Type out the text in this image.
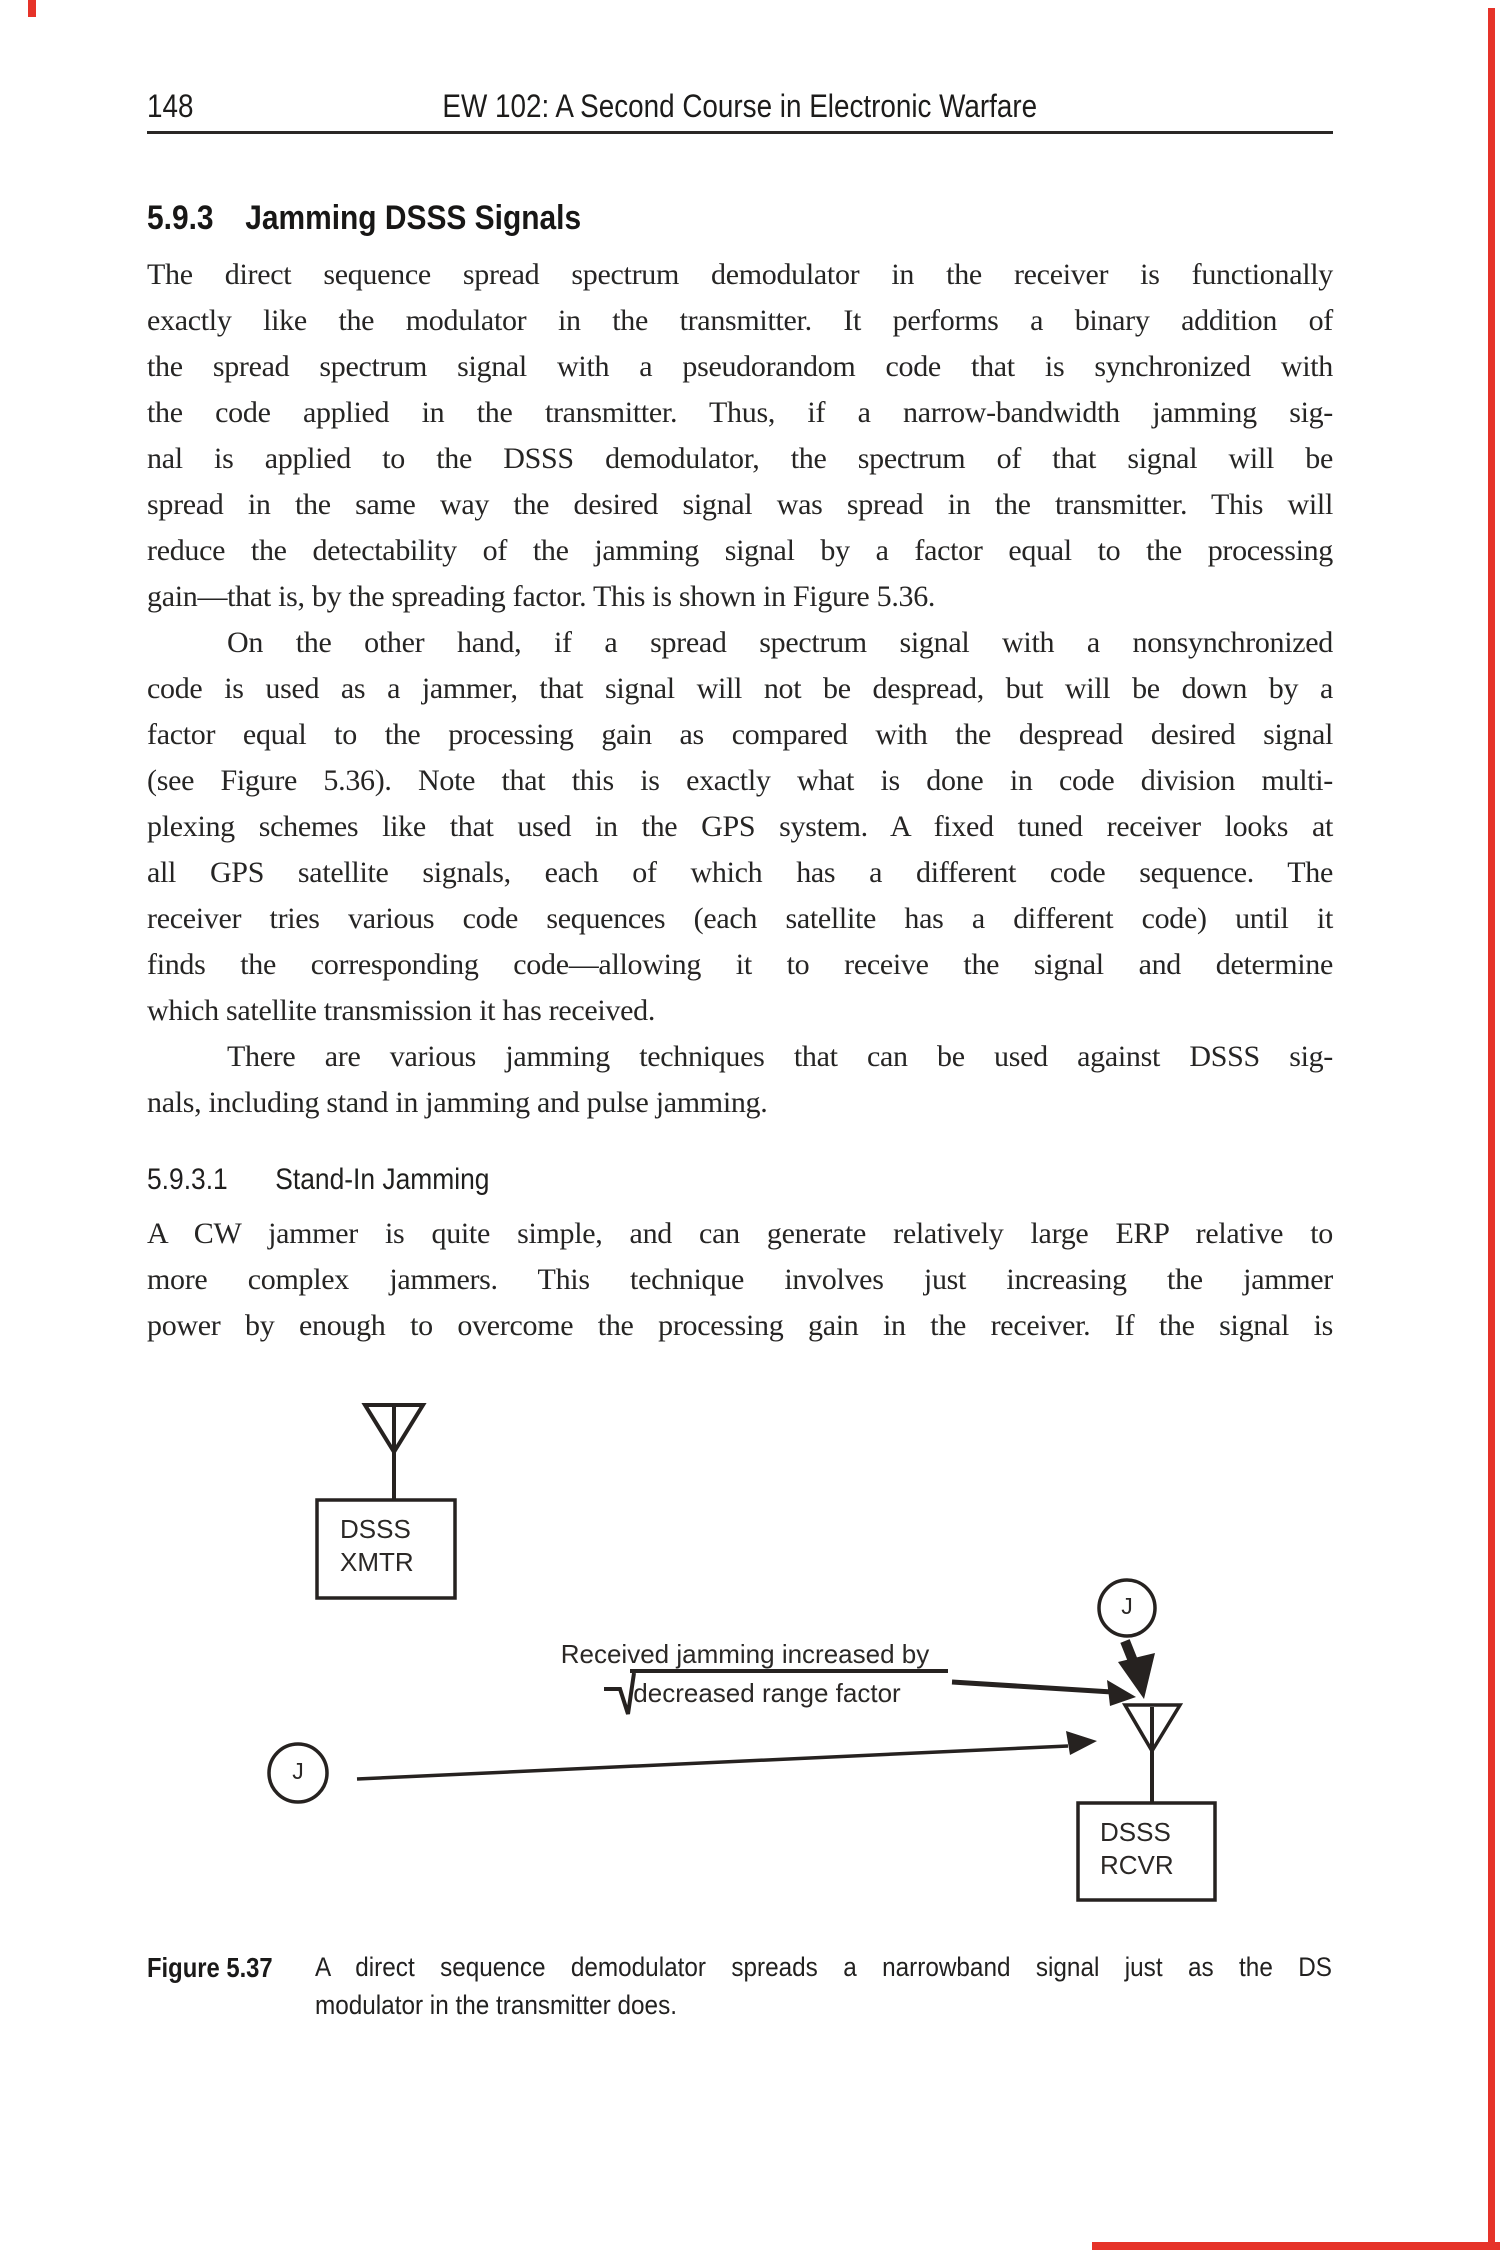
148	EW 102: A Second Course in Electronic Warfare
5.9.3 Jamming DSSS Signals
The direct sequence spread spectrum demodulator in the receiver is functionally
exactly like the modulator in the transmitter. It performs a binary addition of
the spread spectrum signal with a pseudorandom code that is synchronized with
the code applied in the transmitter. Thus, if a narrow-bandwidth jamming sig-
nal is applied to the DSSS demodulator, the spectrum of that signal will be
spread in the same way the desired signal was spread in the transmitter. This will
reduce the detectability of the jamming signal by a factor equal to the processing
gain—that is, by the spreading factor. This is shown in Figure 5.36.
On the other hand, if a spread spectrum signal with a nonsynchronized
code is used as a jammer, that signal will not be despread, but will be down by a
factor equal to the processing gain as compared with the despread desired signal
(see Figure 5.36). Note that this is exactly what is done in code division multi-
plexing schemes like that used in the GPS system. A fixed tuned receiver looks at
all GPS satellite signals, each of which has a different code sequence. The
receiver tries various code sequences (each satellite has a different code) until it
finds the corresponding code—allowing it to receive the signal and determine
which satellite transmission it has received.
There are various jamming techniques that can be used against DSSS sig-
nals, including stand in jamming and pulse jamming.
5.9.3.1 Stand-In Jamming
A CW jammer is quite simple, and can generate relatively large ERP relative to
more complex jammers. This technique involves just increasing the jammer
power by enough to overcome the processing gain in the receiver. If the signal is
DSSS
XMTR
DSSS
RCVR
J
J
Received jamming increased by
decreased range factor
Figure 5.37	A direct sequence demodulator spreads a narrowband signal just as the DS
modulator in the transmitter does.
